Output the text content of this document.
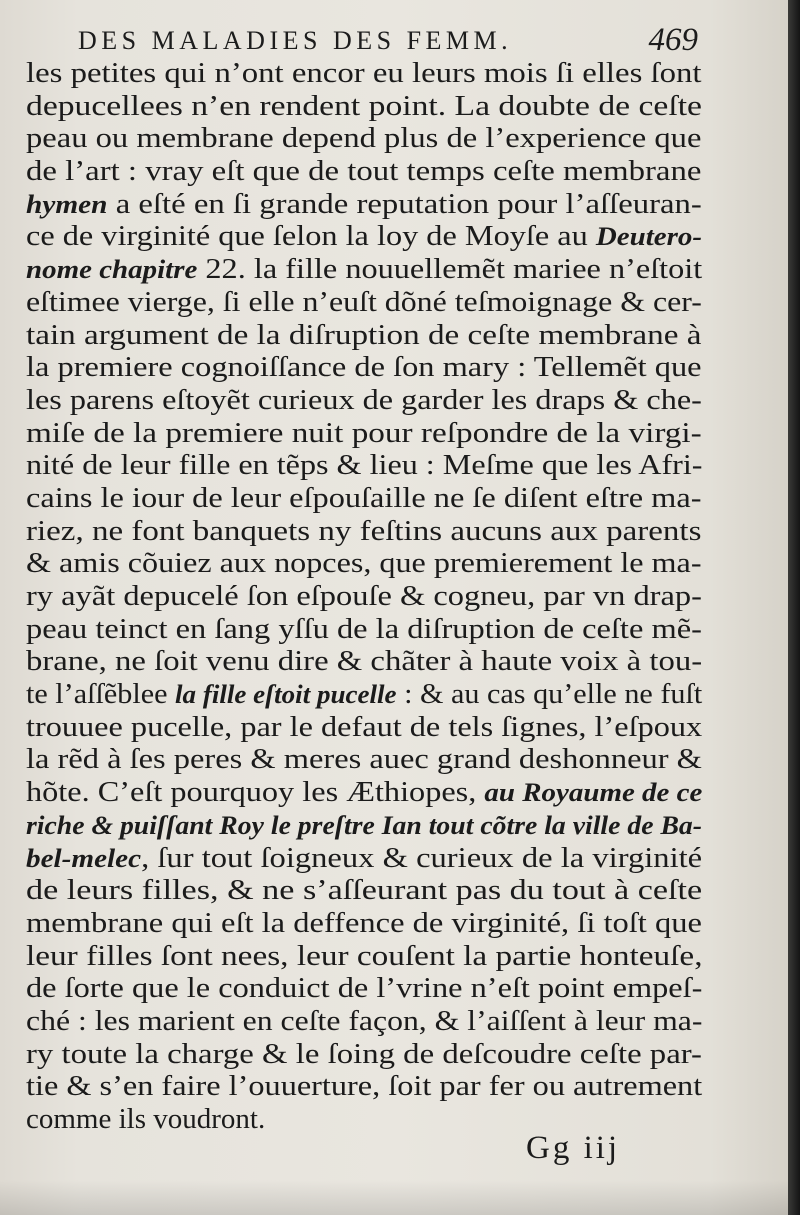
DES MALADIES DES FEMM.	469
les petites qui n’ont encor eu leurs mois ſi elles ſont
depucellees n’en rendent point. La doubte de ceſte
peau ou membrane depend plus de l’experience que
de l’art : vray eſt que de tout temps ceſte membrane
hymen a eſté en ſi grande reputation pour l’aſſeuran-
ce de virginité que ſelon la loy de Moyſe au Deutero-
nome chapitre 22. la fille nouuellemẽt mariee n’eſtoit
eſtimee vierge, ſi elle n’euſt dõné teſmoignage & cer-
tain argument de la diſruption de ceſte membrane à
la premiere cognoiſſance de ſon mary : Tellemẽt que
les parens eſtoyẽt curieux de garder les draps & che-
miſe de la premiere nuit pour reſpondre de la virgi-
nité de leur fille en tẽps & lieu : Meſme que les Afri-
cains le iour de leur eſpouſaille ne ſe diſent eſtre ma-
riez, ne font banquets ny feſtins aucuns aux parents
& amis cõuiez aux nopces, que premierement le ma-
ry ayãt depucelé ſon eſpouſe & cogneu, par vn drap-
peau teinct en ſang yſſu de la diſruption de ceſte mẽ-
brane, ne ſoit venu dire & chãter à haute voix à tou-
te l’aſſẽblee la fille eſtoit pucelle : & au cas qu’elle ne fuſt
trouuee pucelle, par le defaut de tels ſignes, l’eſpoux
la rẽd à ſes peres & meres auec grand deshonneur &
hõte. C’eſt pourquoy les Æthiopes, au Royaume de ce
riche & puiſſant Roy le preſtre Ian tout cõtre la ville de Ba-
bel-melec, ſur tout ſoigneux & curieux de la virginité
de leurs filles, & ne s’aſſeurant pas du tout à ceſte
membrane qui eſt la deffence de virginité, ſi toſt que
leur filles ſont nees, leur couſent la partie honteuſe,
de ſorte que le conduict de l’vrine n’eſt point empeſ-
ché : les marient en ceſte façon, & l’aiſſent à leur ma-
ry toute la charge & le ſoing de deſcoudre ceſte par-
tie & s’en faire l’ouuerture, ſoit par fer ou autrement
comme ils voudront.
Gg iij
